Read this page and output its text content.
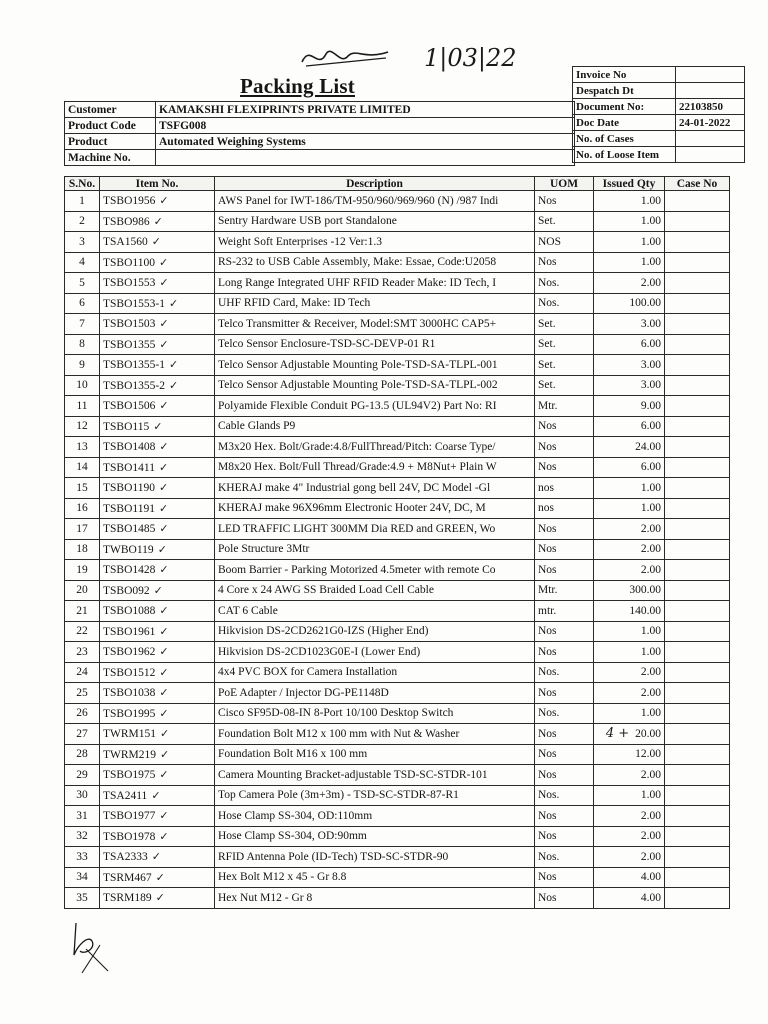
1|03|22
Packing List	Invoice No	
Despatch Dt	
Document No:	22103850
Doc Date	24-01-2022
No. of Cases	
No. of Loose Item	
Customer	KAMAKSHI FLEXIPRINTS PRIVATE LIMITED
Product Code	TSFG008
Product	Automated Weighing Systems
Machine No.	
S.No.	Item No.	Description	UOM	Issued Qty	Case No
1	TSBO1956 ✓	AWS Panel for IWT-186/TM-950/960/969/960 (N) /987 Indi	Nos	1.00	
2	TSBO986 ✓	Sentry Hardware USB port Standalone	Set.	1.00	
3	TSA1560 ✓	Weight Soft Enterprises -12 Ver:1.3	NOS	1.00	
4	TSBO1100 ✓	RS-232 to USB Cable Assembly, Make: Essae, Code:U2058	Nos	1.00	
5	TSBO1553 ✓	Long Range Integrated UHF RFID Reader Make: ID Tech, I	Nos.	2.00	
6	TSBO1553-1 ✓	UHF RFID Card, Make: ID Tech	Nos.	100.00	
7	TSBO1503 ✓	Telco Transmitter & Receiver, Model:SMT 3000HC CAP5+	Set.	3.00	
8	TSBO1355 ✓	Telco Sensor Enclosure-TSD-SC-DEVP-01 R1	Set.	6.00	
9	TSBO1355-1 ✓	Telco Sensor Adjustable Mounting Pole-TSD-SA-TLPL-001	Set.	3.00	
10	TSBO1355-2 ✓	Telco Sensor Adjustable Mounting Pole-TSD-SA-TLPL-002	Set.	3.00	
11	TSBO1506 ✓	Polyamide Flexible Conduit PG-13.5 (UL94V2) Part No: RI	Mtr.	9.00	
12	TSBO115 ✓	Cable Glands P9	Nos	6.00	
13	TSBO1408 ✓	M3x20 Hex. Bolt/Grade:4.8/FullThread/Pitch: Coarse Type/	Nos	24.00	
14	TSBO1411 ✓	M8x20 Hex. Bolt/Full Thread/Grade:4.9 + M8Nut+ Plain W	Nos	6.00	
15	TSBO1190 ✓	KHERAJ make 4" Industrial gong bell 24V, DC Model -Gl	nos	1.00	
16	TSBO1191 ✓	KHERAJ make 96X96mm Electronic Hooter 24V, DC, M	nos	1.00	
17	TSBO1485 ✓	LED TRAFFIC LIGHT 300MM Dia RED and GREEN, Wo	Nos	2.00	
18	TWBO119 ✓	Pole Structure 3Mtr	Nos	2.00	
19	TSBO1428 ✓	Boom Barrier - Parking Motorized 4.5meter with remote Co	Nos	2.00	
20	TSBO092 ✓	4 Core x 24 AWG SS Braided Load Cell Cable	Mtr.	300.00	
21	TSBO1088 ✓	CAT 6 Cable	mtr.	140.00	
22	TSBO1961 ✓	Hikvision DS-2CD2621G0-IZS (Higher End)	Nos	1.00	
23	TSBO1962 ✓	Hikvision DS-2CD1023G0E-I (Lower End)	Nos	1.00	
24	TSBO1512 ✓	4x4 PVC BOX for Camera Installation	Nos.	2.00	
25	TSBO1038 ✓	PoE Adapter / Injector DG-PE1148D	Nos	2.00	
26	TSBO1995 ✓	Cisco SF95D-08-IN 8-Port 10/100 Desktop Switch	Nos.	1.00	
27	TWRM151 ✓	Foundation Bolt M12 x 100 mm with Nut & Washer	Nos	4 + 20.00	
28	TWRM219 ✓	Foundation Bolt M16 x 100 mm	Nos	12.00	
29	TSBO1975 ✓	Camera Mounting Bracket-adjustable TSD-SC-STDR-101	Nos	2.00	
30	TSA2411 ✓	Top Camera Pole (3m+3m) - TSD-SC-STDR-87-R1	Nos.	1.00	
31	TSBO1977 ✓	Hose Clamp SS-304, OD:110mm	Nos	2.00	
32	TSBO1978 ✓	Hose Clamp SS-304, OD:90mm	Nos	2.00	
33	TSA2333 ✓	RFID Antenna Pole (ID-Tech) TSD-SC-STDR-90	Nos.	2.00	
34	TSRM467 ✓	Hex Bolt M12 x 45 - Gr 8.8	Nos	4.00	
35	TSRM189 ✓	Hex Nut M12 - Gr 8	Nos	4.00	
